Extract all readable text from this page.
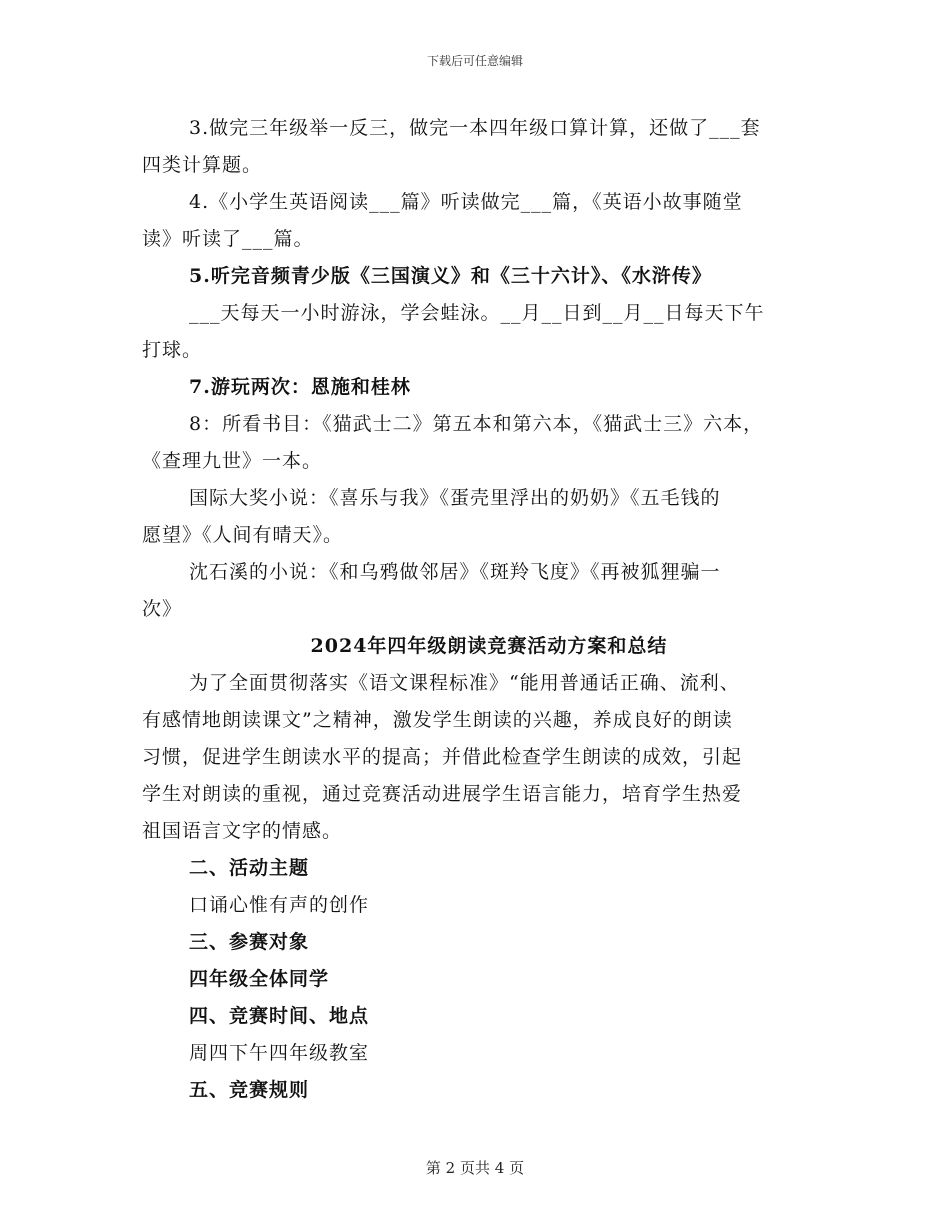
下载后可任意编辑

3.做完三年级举一反三，做完一本四年级口算计算，还做了___套

四类计算题。

4.《小学生英语阅读___篇》听读做完___篇，《英语小故事随堂

读》听读了___篇。

5.听完音频青少版《三国演义》和《三十六计》、《水浒传》

___天每天一小时游泳，学会蛙泳。__月__日到__月__日每天下午

打球。

7.游玩两次：恩施和桂林

8：所看书目：《猫武士二》第五本和第六本，《猫武士三》六本，

《查理九世》一本。

国际大奖小说：《喜乐与我》《蛋壳里浮出的奶奶》《五毛钱的

愿望》《人间有晴天》。

沈石溪的小说：《和乌鸦做邻居》《斑羚飞度》《再被狐狸骗一

次》

2024年四年级朗读竞赛活动方案和总结

为了全面贯彻落实《语文课程标准》“能用普通话正确、流利、

有感情地朗读课文”之精神，激发学生朗读的兴趣，养成良好的朗读

习惯，促进学生朗读水平的提高；并借此检查学生朗读的成效，引起

学生对朗读的重视，通过竞赛活动进展学生语言能力，培育学生热爱

祖国语言文字的情感。

二、活动主题

口诵心惟有声的创作

三、参赛对象

四年级全体同学

四、竞赛时间、地点

周四下午四年级教室

五、竞赛规则

第 2 页共 4 页
